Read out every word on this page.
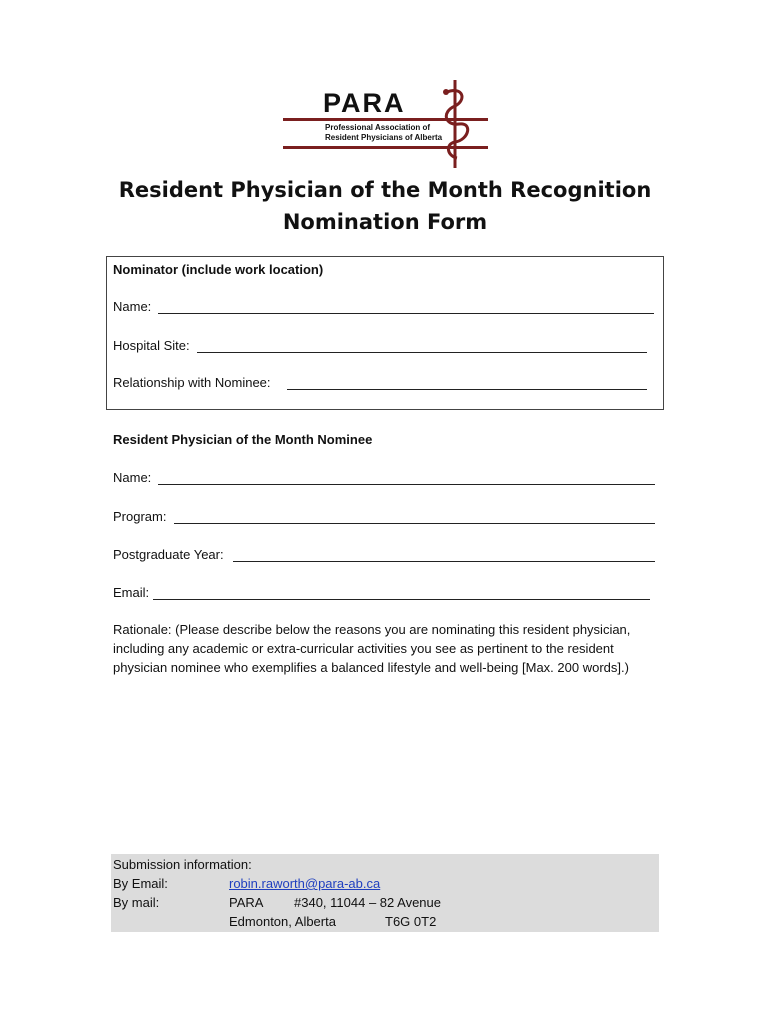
PARA
Professional Association of
Resident Physicians of Alberta
Resident Physician of the Month Recognition
Nomination Form
Nominator (include work location)
Name:
Hospital Site:
Relationship with Nominee:
Resident Physician of the Month Nominee
Name:
Program:
Postgraduate Year:
Email:
Rationale: (Please describe below the reasons you are nominating this resident physician, including any academic or extra-curricular activities you see as pertinent to the resident physician nominee who exemplifies a balanced lifestyle and well-being [Max. 200 words].)
Submission information:
By Email:	robin.raworth@para-ab.ca
By mail:	PARA #340, 11044 – 82 Avenue
Edmonton, Alberta	T6G 0T2
